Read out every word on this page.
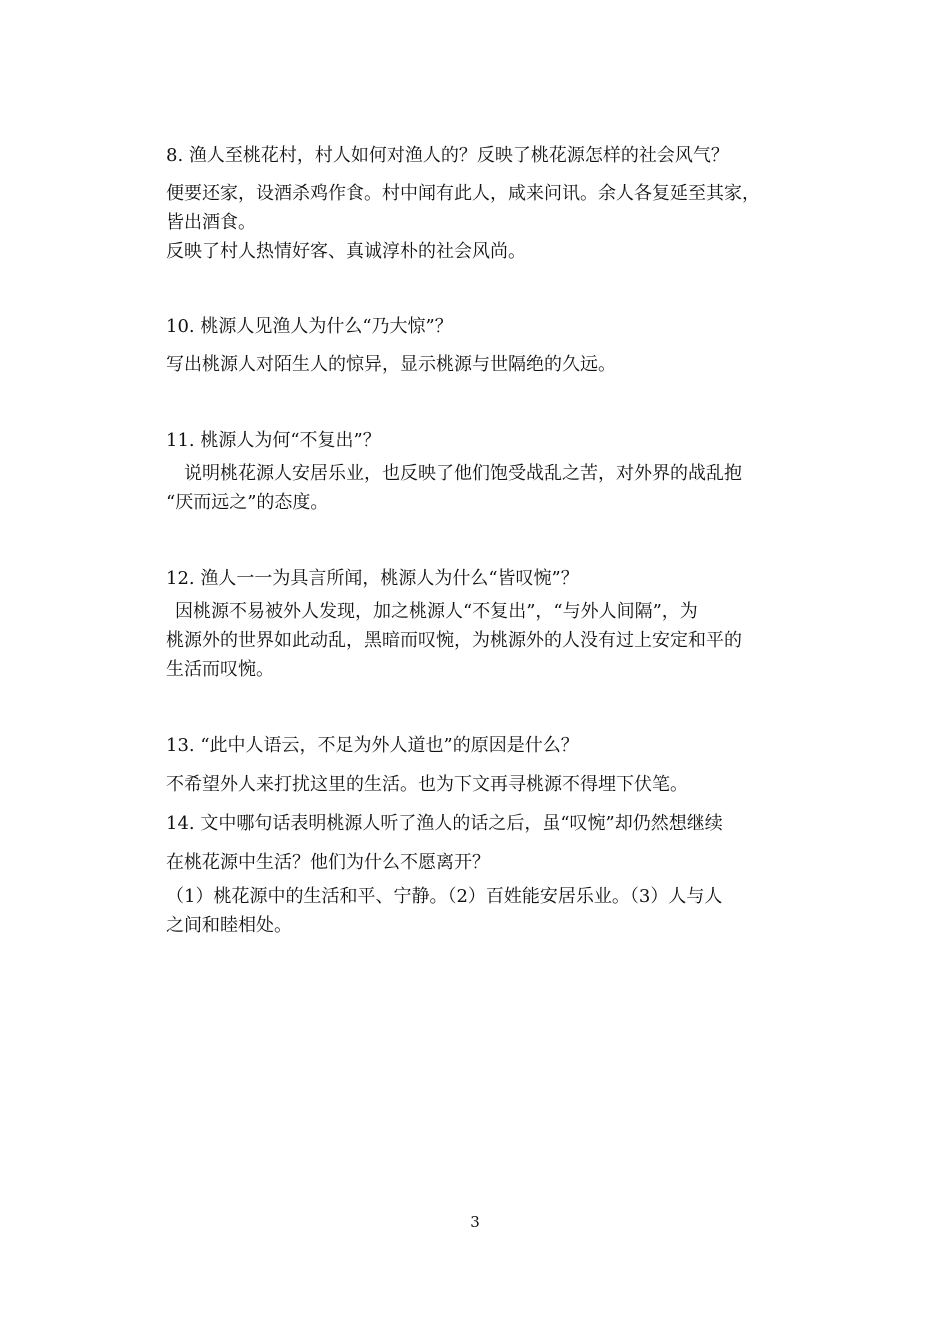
8. 渔人至桃花村，村人如何对渔人的？反映了桃花源怎样的社会风气？

便要还家，设酒杀鸡作食。村中闻有此人，咸来问讯。余人各复延至其家，
皆出酒食。
反映了村人热情好客、真诚淳朴的社会风尚。

10. 桃源人见渔人为什么“乃大惊”？

写出桃源人对陌生人的惊异，显示桃源与世隔绝的久远。

11. 桃源人为何“不复出”？

说明桃花源人安居乐业，也反映了他们饱受战乱之苦，对外界的战乱抱
“厌而远之”的态度。

12. 渔人一一为具言所闻，桃源人为什么“皆叹惋”？

因桃源不易被外人发现，加之桃源人“不复出”，“与外人间隔”，为
桃源外的世界如此动乱，黑暗而叹惋，为桃源外的人没有过上安定和平的
生活而叹惋。

13. “此中人语云，不足为外人道也”的原因是什么？

不希望外人来打扰这里的生活。也为下文再寻桃源不得埋下伏笔。

14. 文中哪句话表明桃源人听了渔人的话之后，虽“叹惋”却仍然想继续
在桃花源中生活？他们为什么不愿离开？

（1）桃花源中的生活和平、宁静。（2）百姓能安居乐业。（3）人与人
之间和睦相处。

3
